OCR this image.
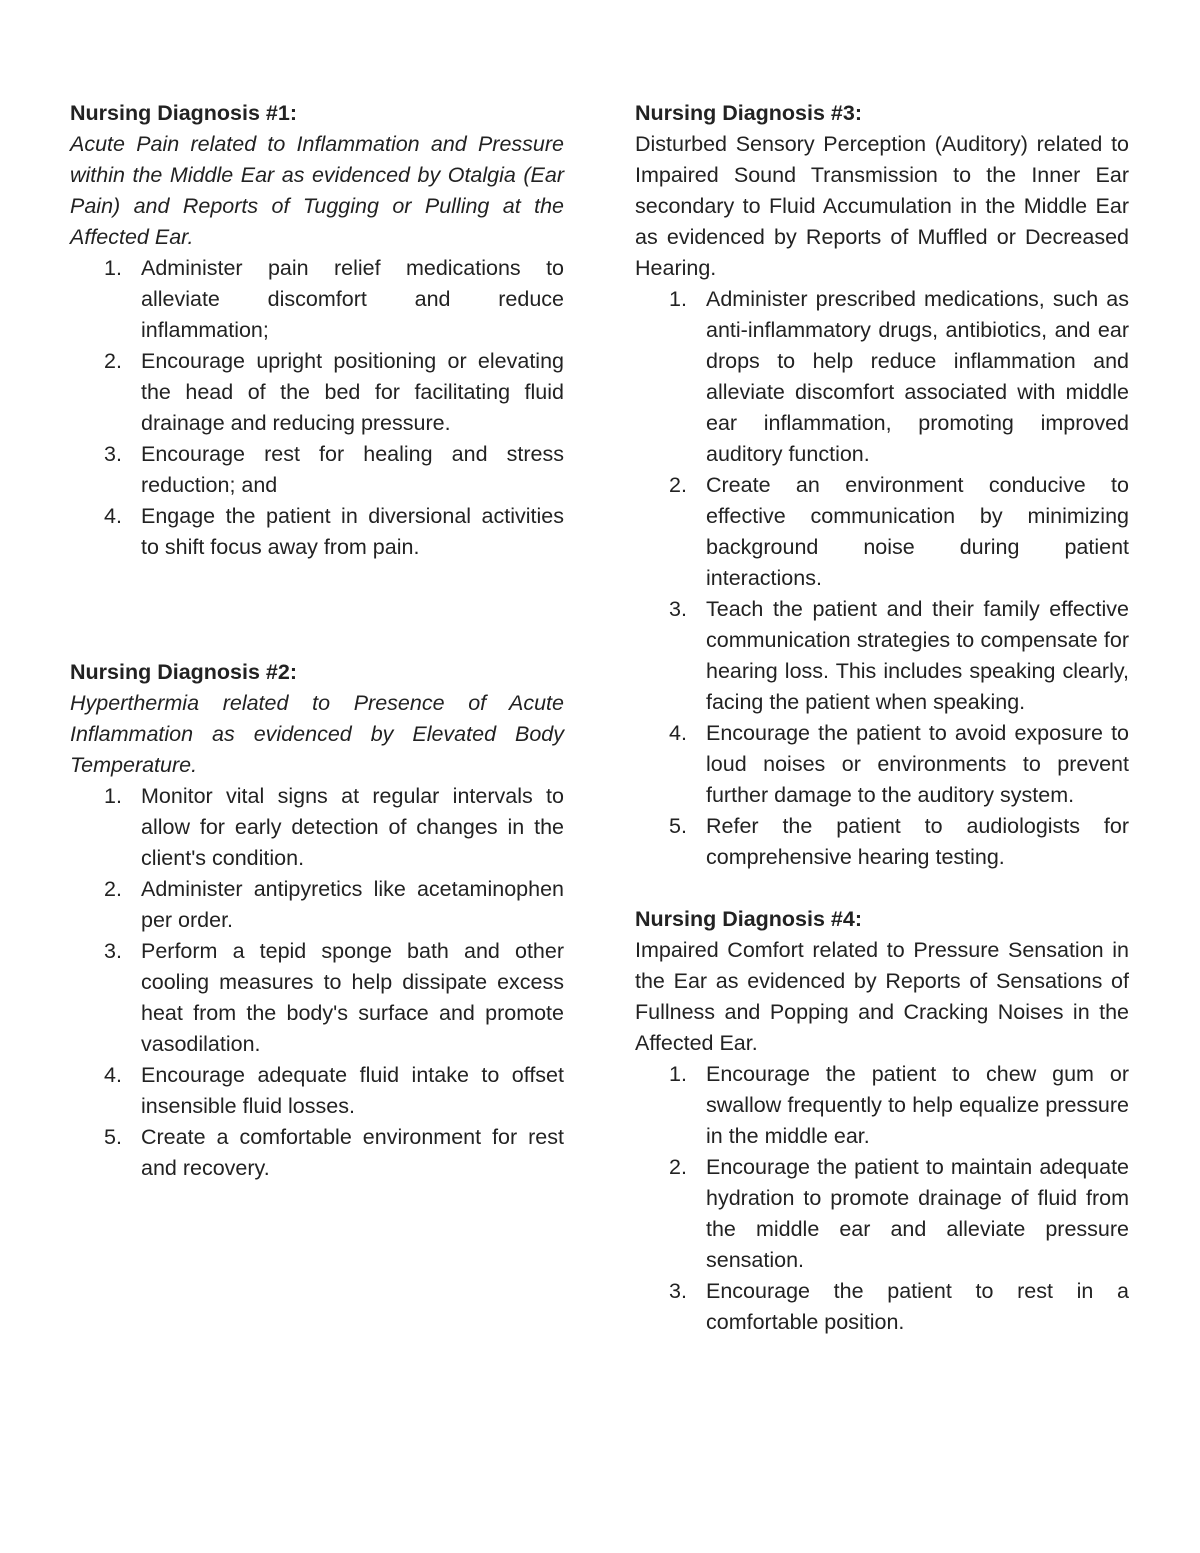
Nursing Diagnosis #1:

Acute Pain related to Inflammation and Pressure within the Middle Ear as evidenced by Otalgia (Ear Pain) and Reports of Tugging or Pulling at the Affected Ear.

1. Administer pain relief medications to alleviate discomfort and reduce inflammation;
2. Encourage upright positioning or elevating the head of the bed for facilitating fluid drainage and reducing pressure.
3. Encourage rest for healing and stress reduction; and
4. Engage the patient in diversional activities to shift focus away from pain.

Nursing Diagnosis #2:

Hyperthermia related to Presence of Acute Inflammation as evidenced by Elevated Body Temperature.

1. Monitor vital signs at regular intervals to allow for early detection of changes in the client's condition.
2. Administer antipyretics like acetaminophen per order.
3. Perform a tepid sponge bath and other cooling measures to help dissipate excess heat from the body's surface and promote vasodilation.
4. Encourage adequate fluid intake to offset insensible fluid losses.
5. Create a comfortable environment for rest and recovery.

Nursing Diagnosis #3:

Disturbed Sensory Perception (Auditory) related to Impaired Sound Transmission to the Inner Ear secondary to Fluid Accumulation in the Middle Ear as evidenced by Reports of Muffled or Decreased Hearing.

1. Administer prescribed medications, such as anti-inflammatory drugs, antibiotics, and ear drops to help reduce inflammation and alleviate discomfort associated with middle ear inflammation, promoting improved auditory function.
2. Create an environment conducive to effective communication by minimizing background noise during patient interactions.
3. Teach the patient and their family effective communication strategies to compensate for hearing loss. This includes speaking clearly, facing the patient when speaking.
4. Encourage the patient to avoid exposure to loud noises or environments to prevent further damage to the auditory system.
5. Refer the patient to audiologists for comprehensive hearing testing.

Nursing Diagnosis #4:

Impaired Comfort related to Pressure Sensation in the Ear as evidenced by Reports of Sensations of Fullness and Popping and Cracking Noises in the Affected Ear.

1. Encourage the patient to chew gum or swallow frequently to help equalize pressure in the middle ear.
2. Encourage the patient to maintain adequate hydration to promote drainage of fluid from the middle ear and alleviate pressure sensation.
3. Encourage the patient to rest in a comfortable position.
